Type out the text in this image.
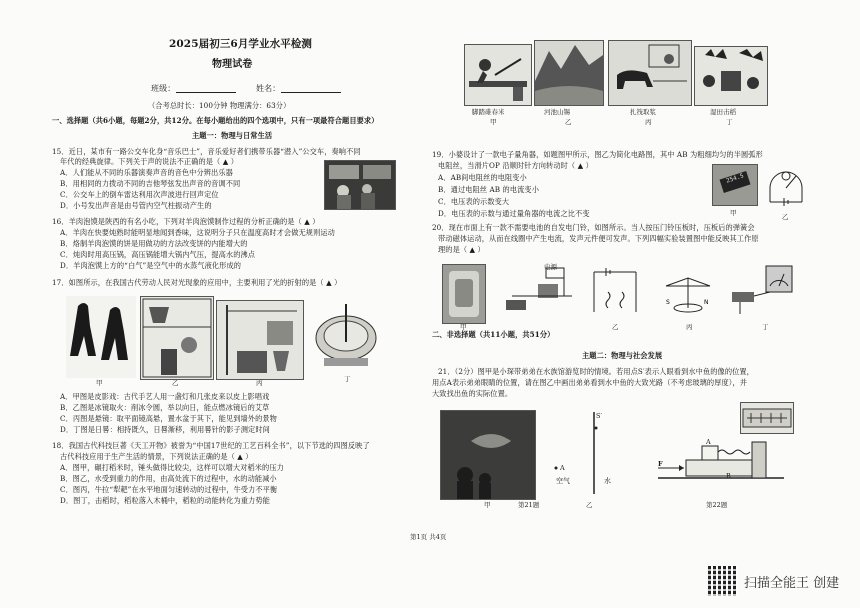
2025届初三6月学业水平检测
物理试卷
班级：	姓名：
（合考总时长：100分钟 物理满分：63分）
一、选择题（共6小题，每题2分，共12分。在每小题给出的四个选项中，只有一项最符合题目要求）
主题一：物理与日常生活
15．近日，某市有一路公交车化身“音乐巴士”，音乐爱好者们携带乐器“潜入”公交车，奏响不同
年代的经典旋律。下列关于声的说法不正确的是（ ▲ ）
A．人们能从不同的乐器演奏声音的音色中分辨出乐器
B．用相同的力拨动不同的吉他琴弦发出声音的音调不同
C．公交车上的倒车雷达利用次声波进行回声定位
D．小号发出声音是由号管内空气柱振动产生的
16．羊肉泡馍是陕西的有名小吃，下列对羊肉泡馍制作过程的分析正确的是（ ▲ ）
A．羊肉在快要炖熟时能明显地闻到香味，这说明分子只在温度高时才会做无规则运动
B．烙制羊肉泡馍的饼是用做功的方法改变饼的内能增大的
C．炖肉时用高压锅，高压锅能增大锅内气压，提高水的沸点
D．羊肉泡馍上方的“白气”是空气中的水蒸气液化形成的
17．如图所示，在我国古代劳动人民对光现象的应用中，主要利用了光的折射的是（ ▲ ）
甲	乙	丙	丁
A．甲图是皮影戏：古代手艺人用一盏灯和几张皮来以皮上影唱戏
B．乙图是冰镜取火：削冰令圆，举以向日，能点燃冰镜后的艾草
C．丙图是悬镜：取平面镜高悬，置水盆于其下，能见到墙外的景物
D．丁图是日晷：相持既久，日晷渐移，利用晷针的影子测定时间
18．我国古代科技巨著《天工开物》被誉为“中国17世纪的工艺百科全书”，以下节选的四图反映了
古代科技应用于生产生活的情景，下列说法正确的是（ ▲ ）
A．图甲，碾打稻米时，锤头做得比较尖，这样可以增大对稻米的压力
B．图乙，水受到重力的作用，由高处流下的过程中，水的动能减小
C．图丙，牛拉“犁耙”在水平地面匀速转动的过程中，牛受力不平衡
D．图丁，击稻时，稻粒落入木桶中，稻粒的动能转化为重力势能
脚踏碓春米	河池山锡	扎筏取浆	湿田击稻
甲	乙	丙	丁
19．小婆设计了一款电子量角器，如题图甲所示，图乙为简化电路图，其中 AB 为粗细均匀的半圆弧形
电阻丝，当滑片OP 沿顺时针方向转动时（ ▲ ）
A．AB间电阻丝的电阻变小
B．通过电阻丝 AB 的电流变小
C．电压表的示数变大
D．电压表的示数与通过量角器的电流之比不变
254.5
甲	乙
20．现在市面上有一款不需要电池的自发电门铃，如图所示。当人按压门铃压板时，压板后的弹簧会
带动磁体运动，从而在线圈中产生电流，发声元件便可发声。下列四幅实验装置图中能反映其工作原
理的是（ ▲ ）
电源
S	N
甲	乙	丙	丁
二、非选择题（共11小题，共51分）
主题二：物理与社会发展
21．（2分）图甲是小琛带弟弟在水族馆游览时的情境。若用点S′表示人眼看到水中鱼的像的位置，
用点A表示弟弟眼睛的位置，请在图乙中画出弟弟看到水中鱼的大致光路（不考虑玻璃的厚度），并
大致找出鱼的实际位置。
甲	第21题
S′
A
空气	水
乙
F
A
B
第22题
第1页 共4页
扫描全能王 创建
